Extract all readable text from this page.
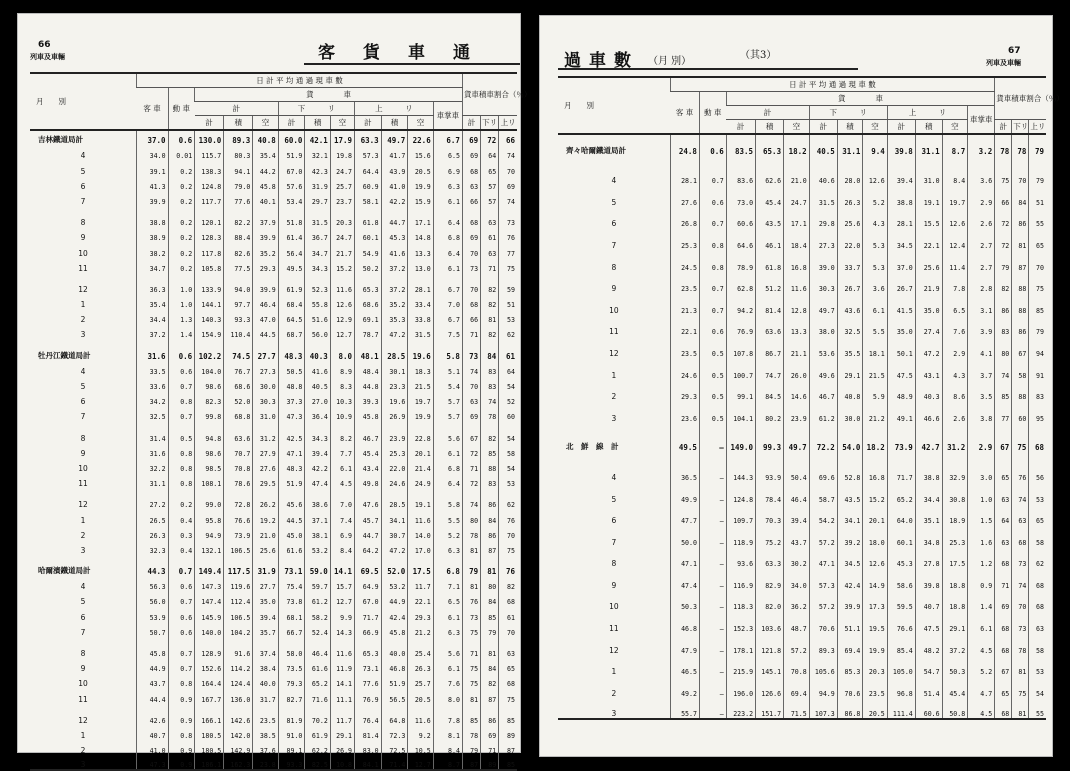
66
列車及車輛	客貨車通
月　　別	日 計 平 均 通 過 現 車 數												貨車積車割合（％）		
	客 車	動 車	貨　　　　車												
			計			下　　　リ			上　　　リ			車掌車			
			計	積	空	計	積	空	計	積	空		計	下リ	上リ
吉林鐵道局計	37.0	0.6	130.0	89.3	40.8	60.0	42.1	17.9	63.3	49.7	22.6	6.7	69	72	66
4	34.0	0.01	115.7	80.3	35.4	51.9	32.1	19.8	57.3	41.7	15.6	6.5	69	64	74
5	39.1	0.2	138.3	94.1	44.2	67.0	42.3	24.7	64.4	43.9	20.5	6.9	68	65	70
6	41.3	0.2	124.8	79.0	45.8	57.6	31.9	25.7	60.9	41.0	19.9	6.3	63	57	69
7	39.9	0.2	117.7	77.6	40.1	53.4	29.7	23.7	58.1	42.2	15.9	6.1	66	57	74
8	38.8	0.2	120.1	82.2	37.9	51.8	31.5	20.3	61.8	44.7	17.1	6.4	68	63	73
9	38.9	0.2	128.3	88.4	39.9	61.4	36.7	24.7	60.1	45.3	14.8	6.8	69	61	76
10	38.2	0.2	117.8	82.6	35.2	56.4	34.7	21.7	54.9	41.6	13.3	6.4	70	63	77
11	34.7	0.2	105.8	77.5	29.3	49.5	34.3	15.2	50.2	37.2	13.0	6.1	73	71	75
12	36.3	1.0	133.9	94.0	39.9	61.9	52.3	11.6	65.3	37.2	28.1	6.7	70	82	59
1	35.4	1.0	144.1	97.7	46.4	68.4	55.8	12.6	68.6	35.2	33.4	7.0	68	82	51
2	34.4	1.3	140.3	93.3	47.0	64.5	51.6	12.9	69.1	35.3	33.8	6.7	66	81	53
3	37.2	1.4	154.9	110.4	44.5	68.7	56.0	12.7	78.7	47.2	31.5	7.5	71	82	62
牡丹江鐵道局計	31.6	0.6	102.2	74.5	27.7	48.3	40.3	8.0	48.1	28.5	19.6	5.8	73	84	61
4	33.5	0.6	104.0	76.7	27.3	50.5	41.6	8.9	48.4	30.1	18.3	5.1	74	83	64
5	33.6	0.7	98.6	68.6	30.0	48.8	40.5	8.3	44.8	23.3	21.5	5.4	70	83	54
6	34.2	0.8	82.3	52.0	30.3	37.3	27.0	10.3	39.3	19.6	19.7	5.7	63	74	52
7	32.5	0.7	99.8	68.8	31.0	47.3	36.4	10.9	45.8	26.9	19.9	5.7	69	78	60
8	31.4	0.5	94.8	63.6	31.2	42.5	34.3	8.2	46.7	23.9	22.8	5.6	67	82	54
9	31.6	0.8	98.6	70.7	27.9	47.1	39.4	7.7	45.4	25.3	20.1	6.1	72	85	58
10	32.2	0.8	98.5	70.8	27.6	48.3	42.2	6.1	43.4	22.0	21.4	6.8	71	88	54
11	31.1	0.8	108.1	78.6	29.5	51.9	47.4	4.5	49.8	24.6	24.9	6.4	72	83	53
12	27.2	0.2	99.0	72.8	26.2	45.6	38.6	7.0	47.6	28.5	19.1	5.8	74	86	62
1	26.5	0.4	95.8	76.6	19.2	44.5	37.1	7.4	45.7	34.1	11.6	5.5	80	84	76
2	26.3	0.3	94.9	73.9	21.0	45.0	38.1	6.9	44.7	30.7	14.0	5.2	78	86	70
3	32.3	0.4	132.1	106.5	25.6	61.6	53.2	8.4	64.2	47.2	17.0	6.3	81	87	75
哈爾濱鐵道局計	44.3	0.7	149.4	117.5	31.9	73.1	59.0	14.1	69.5	52.0	17.5	6.8	79	81	76
4	56.3	0.6	147.3	119.6	27.7	75.4	59.7	15.7	64.9	53.2	11.7	7.1	81	80	82
5	56.0	0.7	147.4	112.4	35.0	73.8	61.2	12.7	67.0	44.9	22.1	6.5	76	84	68
6	53.9	0.6	145.9	106.5	39.4	68.1	58.2	9.9	71.7	42.4	29.3	6.1	73	85	61
7	50.7	0.6	140.0	104.2	35.7	66.7	52.4	14.3	66.9	45.8	21.2	6.3	75	79	70
8	45.8	0.7	128.9	91.6	37.4	58.0	46.4	11.6	65.3	40.0	25.4	5.6	71	81	63
9	44.9	0.7	152.6	114.2	38.4	73.5	61.6	11.9	73.1	46.8	26.3	6.1	75	84	65
10	43.7	0.8	164.4	124.4	40.0	79.3	65.2	14.1	77.6	51.9	25.7	7.6	75	82	68
11	44.4	0.9	167.7	136.0	31.7	82.7	71.6	11.1	76.9	56.5	20.5	8.0	81	87	75
12	42.6	0.9	166.1	142.6	23.5	81.9	70.2	11.7	76.4	64.8	11.6	7.8	85	86	85
1	40.7	0.8	180.5	142.0	38.5	91.0	61.9	29.1	81.4	72.3	9.2	8.1	78	69	89
2	41.0	0.9	180.5	142.9	37.6	89.1	62.2	26.9	83.0	72.5	10.5	8.4	79	71	87
3	47.3	0.9	186.1	162.3	23.8	93.3	82.5	10.8	84.1	71.4	12.7	8.7	87	89	85
過車數 （月 別）
（其3）	67
列車及車輛
月　　別	日 計 平 均 通 過 現 車 數												貨車積車割合（％）		
	客 車	動 車	貨　　　　車												
			計			下　　　リ			上　　　リ			車掌車			
			計	積	空	計	積	空	計	積	空		計	下リ	上リ
齊々哈爾鐵道局計	24.8	0.6	83.5	65.3	18.2	40.5	31.1	9.4	39.8	31.1	8.7	3.2	78	78	79
4	28.1	0.7	83.6	62.6	21.0	40.6	28.0	12.6	39.4	31.0	8.4	3.6	75	70	79
5	27.6	0.6	73.0	45.4	24.7	31.5	26.3	5.2	38.8	19.1	19.7	2.9	66	84	51
6	26.8	0.7	60.6	43.5	17.1	29.8	25.6	4.3	28.1	15.5	12.6	2.6	72	86	55
7	25.3	0.8	64.6	46.1	18.4	27.3	22.0	5.3	34.5	22.1	12.4	2.7	72	81	65
8	24.5	0.8	78.9	61.8	16.8	39.0	33.7	5.3	37.0	25.6	11.4	2.7	79	87	70
9	23.5	0.7	62.8	51.2	11.6	30.3	26.7	3.6	26.7	21.9	7.8	2.8	82	88	75
10	21.3	0.7	94.2	81.4	12.8	49.7	43.6	6.1	41.5	35.0	6.5	3.1	86	88	85
11	22.1	0.6	76.9	63.6	13.3	38.0	32.5	5.5	35.0	27.4	7.6	3.9	83	86	79
12	23.5	0.5	107.8	86.7	21.1	53.6	35.5	18.1	50.1	47.2	2.9	4.1	80	67	94
1	24.6	0.5	100.7	74.7	26.0	49.6	29.1	21.5	47.5	43.1	4.3	3.7	74	58	91
2	29.3	0.5	99.1	84.5	14.6	46.7	40.8	5.9	48.9	40.3	8.6	3.5	85	88	83
3	23.6	0.5	104.1	80.2	23.9	61.2	30.0	21.2	49.1	46.6	2.6	3.8	77	60	95
北　鮮　線　計	49.5	—	149.0	99.3	49.7	72.2	54.0	18.2	73.9	42.7	31.2	2.9	67	75	68
4	36.5	—	144.3	93.9	50.4	69.6	52.8	16.8	71.7	38.8	32.9	3.0	65	76	56
5	49.9	—	124.8	78.4	46.4	58.7	43.5	15.2	65.2	34.4	30.8	1.0	63	74	53
6	47.7	—	109.7	70.3	39.4	54.2	34.1	20.1	64.0	35.1	18.9	1.5	64	63	65
7	50.0	—	118.9	75.2	43.7	57.2	39.2	18.0	60.1	34.8	25.3	1.6	63	68	58
8	47.1	—	93.6	63.3	30.2	47.1	34.5	12.6	45.3	27.8	17.5	1.2	68	73	62
9	47.4	—	116.9	82.9	34.0	57.3	42.4	14.9	58.6	39.8	18.8	0.9	71	74	68
10	50.3	—	118.3	82.0	36.2	57.2	39.9	17.3	59.5	40.7	18.8	1.4	69	70	68
11	46.8	—	152.3	103.6	48.7	70.6	51.1	19.5	76.6	47.5	29.1	6.1	68	73	63
12	47.9	—	178.1	121.8	57.2	89.3	69.4	19.9	85.4	48.2	37.2	4.5	68	78	58
1	46.5	—	215.9	145.1	70.8	105.6	85.3	20.3	105.0	54.7	50.3	5.2	67	81	53
2	49.2	—	196.0	126.6	69.4	94.9	70.6	23.5	96.8	51.4	45.4	4.7	65	75	54
3	55.7	—	223.2	151.7	71.5	107.3	86.8	20.5	111.4	60.6	50.8	4.5	68	81	55
